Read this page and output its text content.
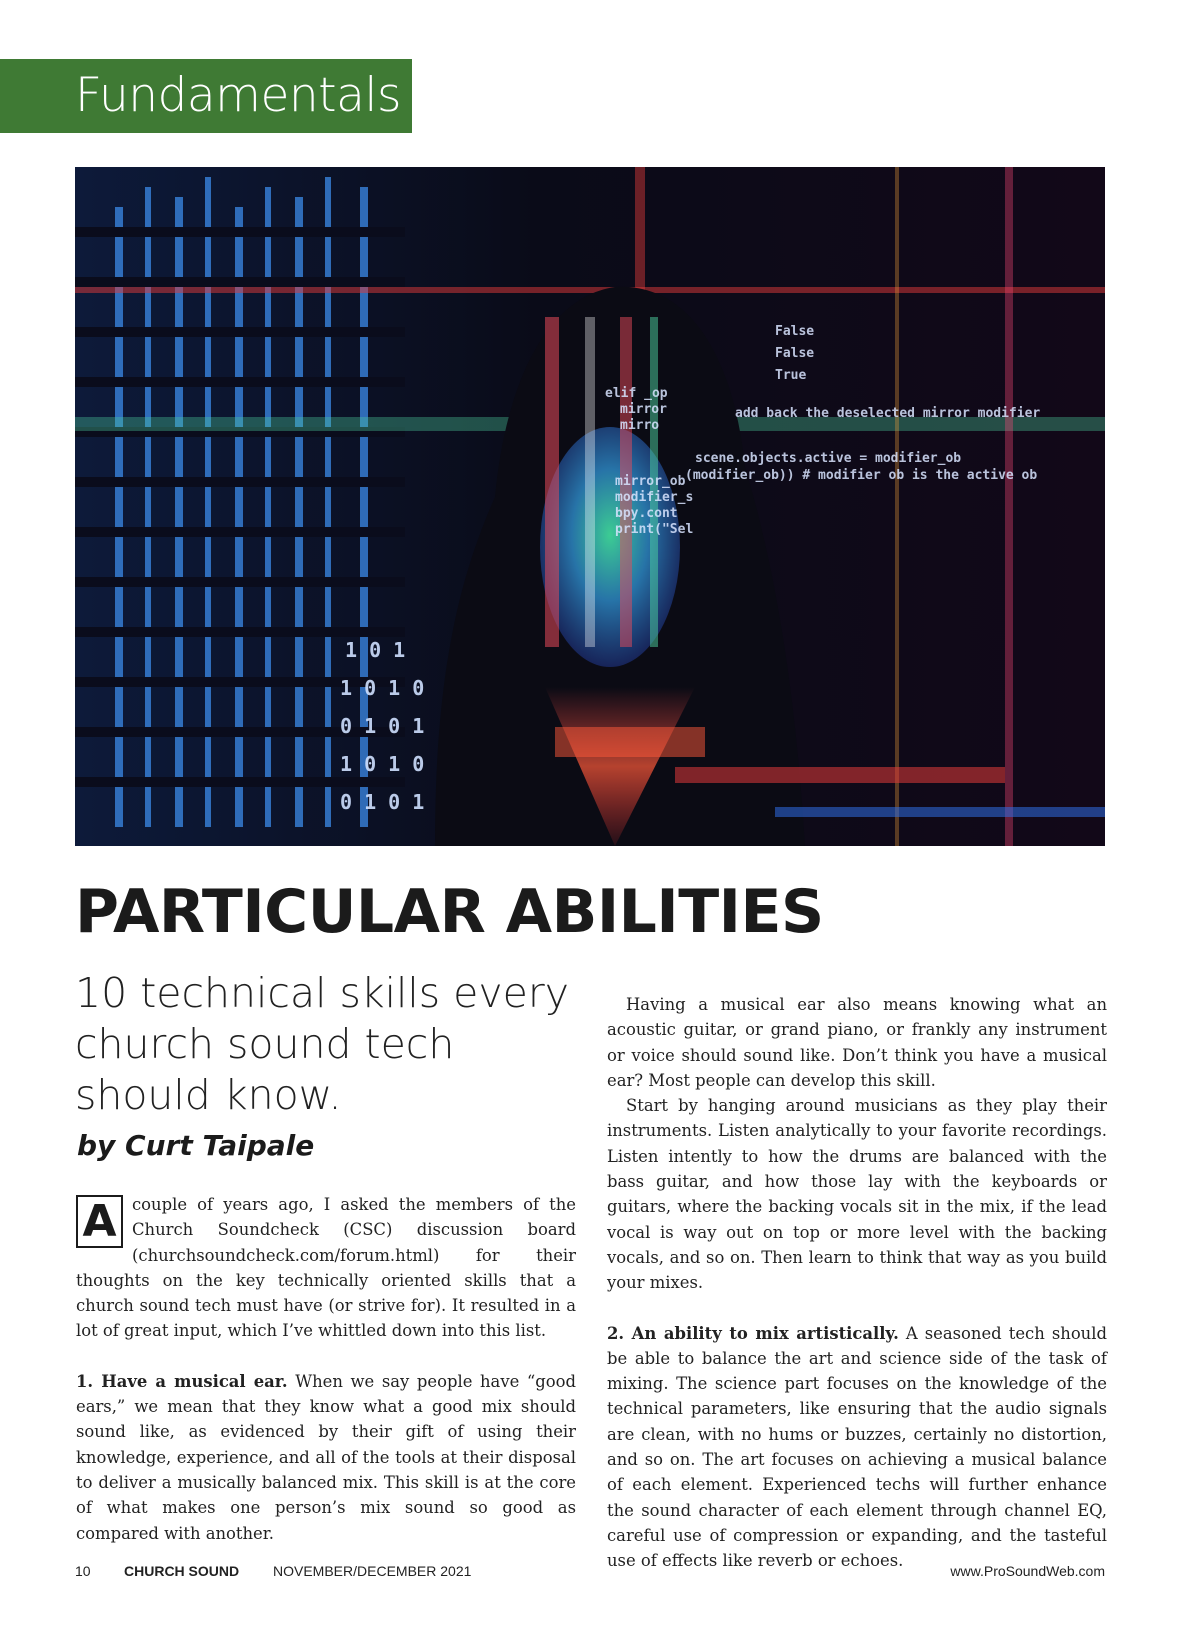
Fundamentals
elif _op
mirror
mirro
add back the deselected mirror modifier
scene.objects.active = modifier_ob
(modifier_ob)) # modifier ob is the active ob
mirror_ob
modifier_s
bpy.cont
print("Sel
False
False
True
1 0 1
1 0 1 0
0 1 0 1
1 0 1 0
0 1 0 1
PARTICULAR ABILITIES
10 technical skills every church sound tech should know.

by Curt Taipale

A couple of years ago, I asked the members of the Church Soundcheck (CSC) discussion board (churchsoundcheck.com/forum.html) for their thoughts on the key technically oriented skills that a church sound tech must have (or strive for). It resulted in a lot of great input, which I’ve whittled down into this list.

1. Have a musical ear. When we say people have “good ears,” we mean that they know what a good mix should sound like, as evidenced by their gift of using their knowledge, experience, and all of the tools at their disposal to deliver a musically balanced mix. This skill is at the core of what makes one person’s mix sound so good as compared with another.

Having a musical ear also means knowing what an acoustic guitar, or grand piano, or frankly any instrument or voice should sound like. Don’t think you have a musical ear? Most people can develop this skill.

Start by hanging around musicians as they play their instruments. Listen analytically to your favorite recordings. Listen intently to how the drums are balanced with the bass guitar, and how those lay with the keyboards or guitars, where the backing vocals sit in the mix, if the lead vocal is way out on top or more level with the backing vocals, and so on. Then learn to think that way as you build your mixes.

2. An ability to mix artistically. A seasoned tech should be able to balance the art and science side of the task of mixing. The science part focuses on the knowledge of the technical parameters, like ensuring that the audio signals are clean, with no hums or buzzes, certainly no distortion, and so on. The art focuses on achieving a musical balance of each element. Experienced techs will further enhance the sound character of each element through channel EQ, careful use of compression or expanding, and the tasteful use of effects like reverb or echoes.

10 CHURCH SOUND NOVEMBER/DECEMBER 2021	www.ProSoundWeb.com
